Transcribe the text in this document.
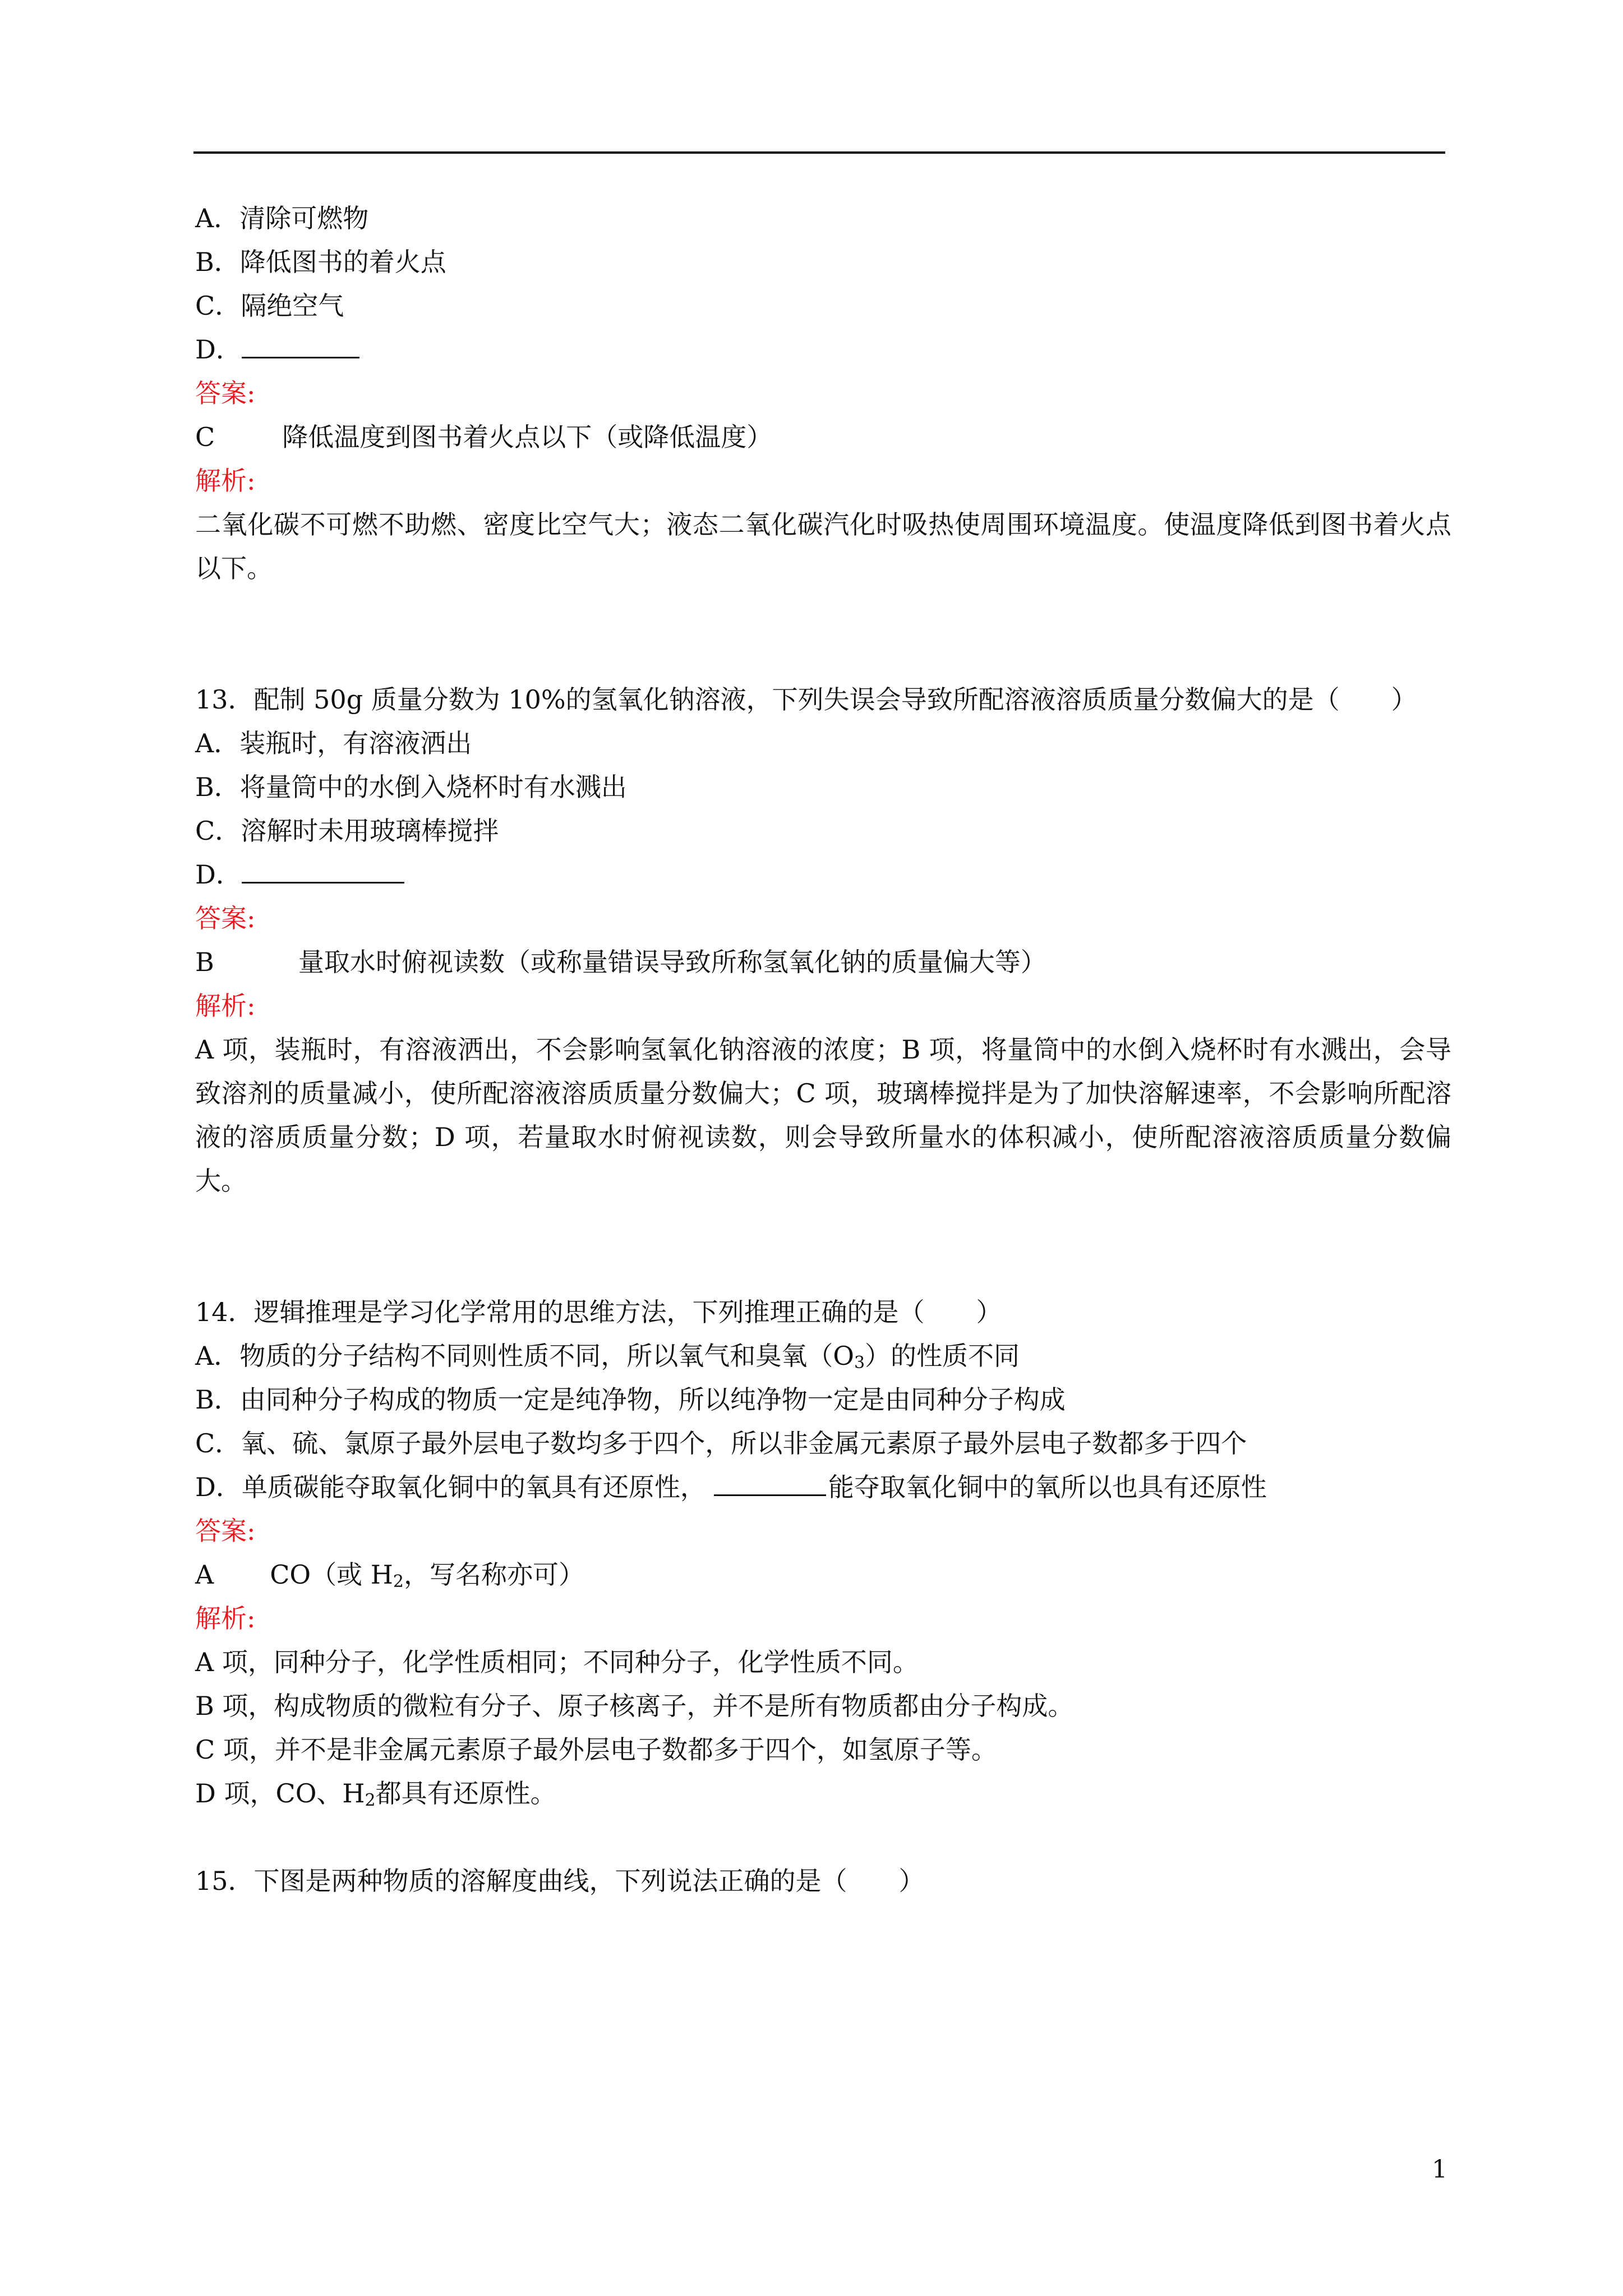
A．清除可燃物

B．降低图书的着火点

C．隔绝空气

D．

答案:

C	降低温度到图书着火点以下（或降低温度）

解析:

二氧化碳不可燃不助燃、密度比空气大；液态二氧化碳汽化时吸热使周围环境温度。使温度降低到图书着火点以下。

13．配制 50g 质量分数为 10%的氢氧化钠溶液，下列失误会导致所配溶液溶质质量分数偏大的是（　　）

A．装瓶时，有溶液洒出

B．将量筒中的水倒入烧杯时有水溅出

C．溶解时未用玻璃棒搅拌

D．

答案:

B	量取水时俯视读数（或称量错误导致所称氢氧化钠的质量偏大等）

解析:

A 项，装瓶时，有溶液洒出，不会影响氢氧化钠溶液的浓度；B 项，将量筒中的水倒入烧杯时有水溅出，会导致溶剂的质量减小，使所配溶液溶质质量分数偏大；C 项，玻璃棒搅拌是为了加快溶解速率，不会影响所配溶液的溶质质量分数；D 项，若量取水时俯视读数，则会导致所量水的体积减小，使所配溶液溶质质量分数偏大。

14．逻辑推理是学习化学常用的思维方法，下列推理正确的是（　　）

A．物质的分子结构不同则性质不同，所以氧气和臭氧$(O_3)$的性质不同

B．由同种分子构成的物质一定是纯净物，所以纯净物一定是由同种分子构成

C．氧、硫、氯原子最外层电子数均多于四个，所以非金属元素原子最外层电子数都多于四个

D．单质碳能夺取氧化铜中的氧具有还原性，	能夺取氧化铜中的氧所以也具有还原性

答案:

A CO（或 $H_2$，写名称亦可）

解析:

A 项，同种分子，化学性质相同；不同种分子，化学性质不同。

B 项，构成物质的微粒有分子、原子核离子，并不是所有物质都由分子构成。

C 项，并不是非金属元素原子最外层电子数都多于四个，如氢原子等。

D 项，CO、$H_2$都具有还原性。

15．下图是两种物质的溶解度曲线，下列说法正确的是（　　）

1
